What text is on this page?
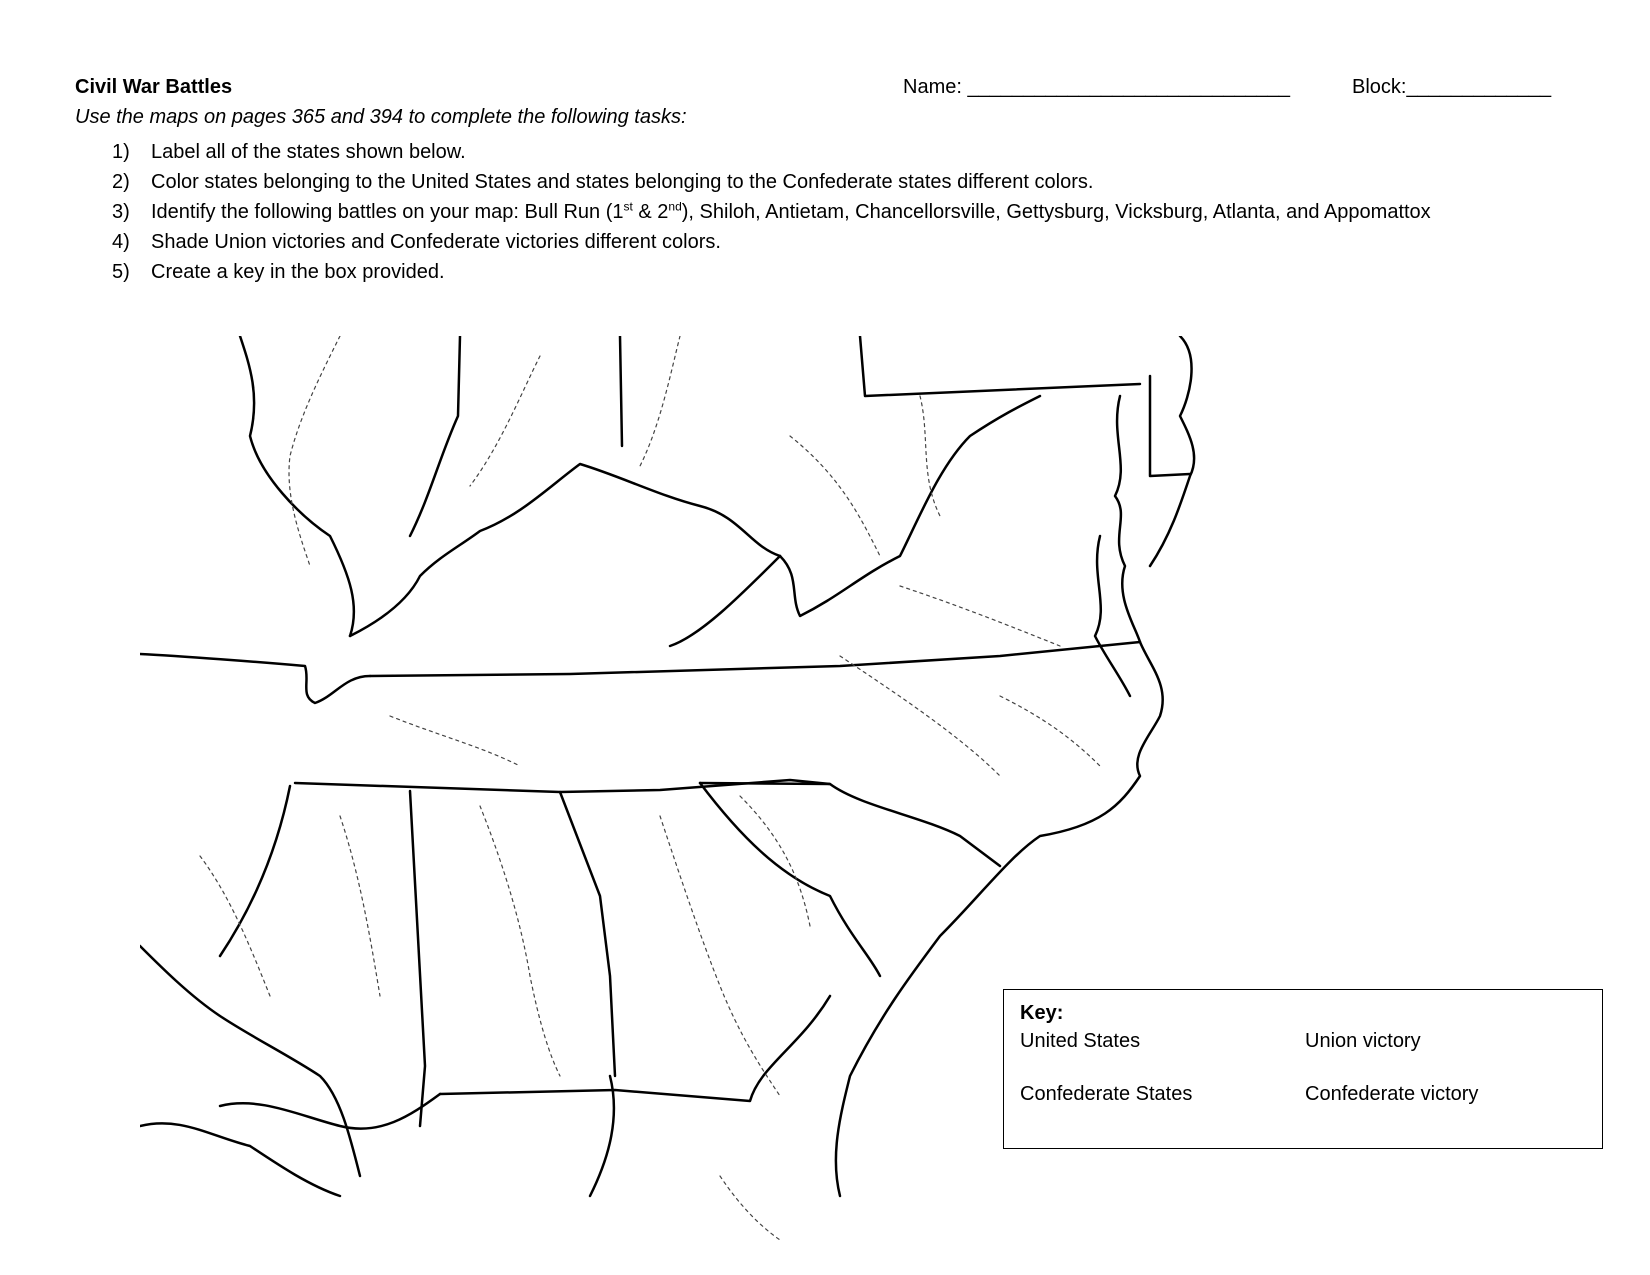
Civil War Battles	Name: _____________________________	Block:_____________
Use the maps on pages 365 and 394 to complete the following tasks:
1)	Label all of the states shown below.
2)	Color states belonging to the United States and states belonging to the Confederate states different colors.
3)	Identify the following battles on your map: Bull Run (1st & 2nd), Shiloh, Antietam, Chancellorsville, Gettysburg, Vicksburg, Atlanta, and Appomattox
4)	Shade Union victories and Confederate victories different colors.
5)	Create a key in the box provided.
Key:
United States	Union victory
Confederate States	Confederate victory
